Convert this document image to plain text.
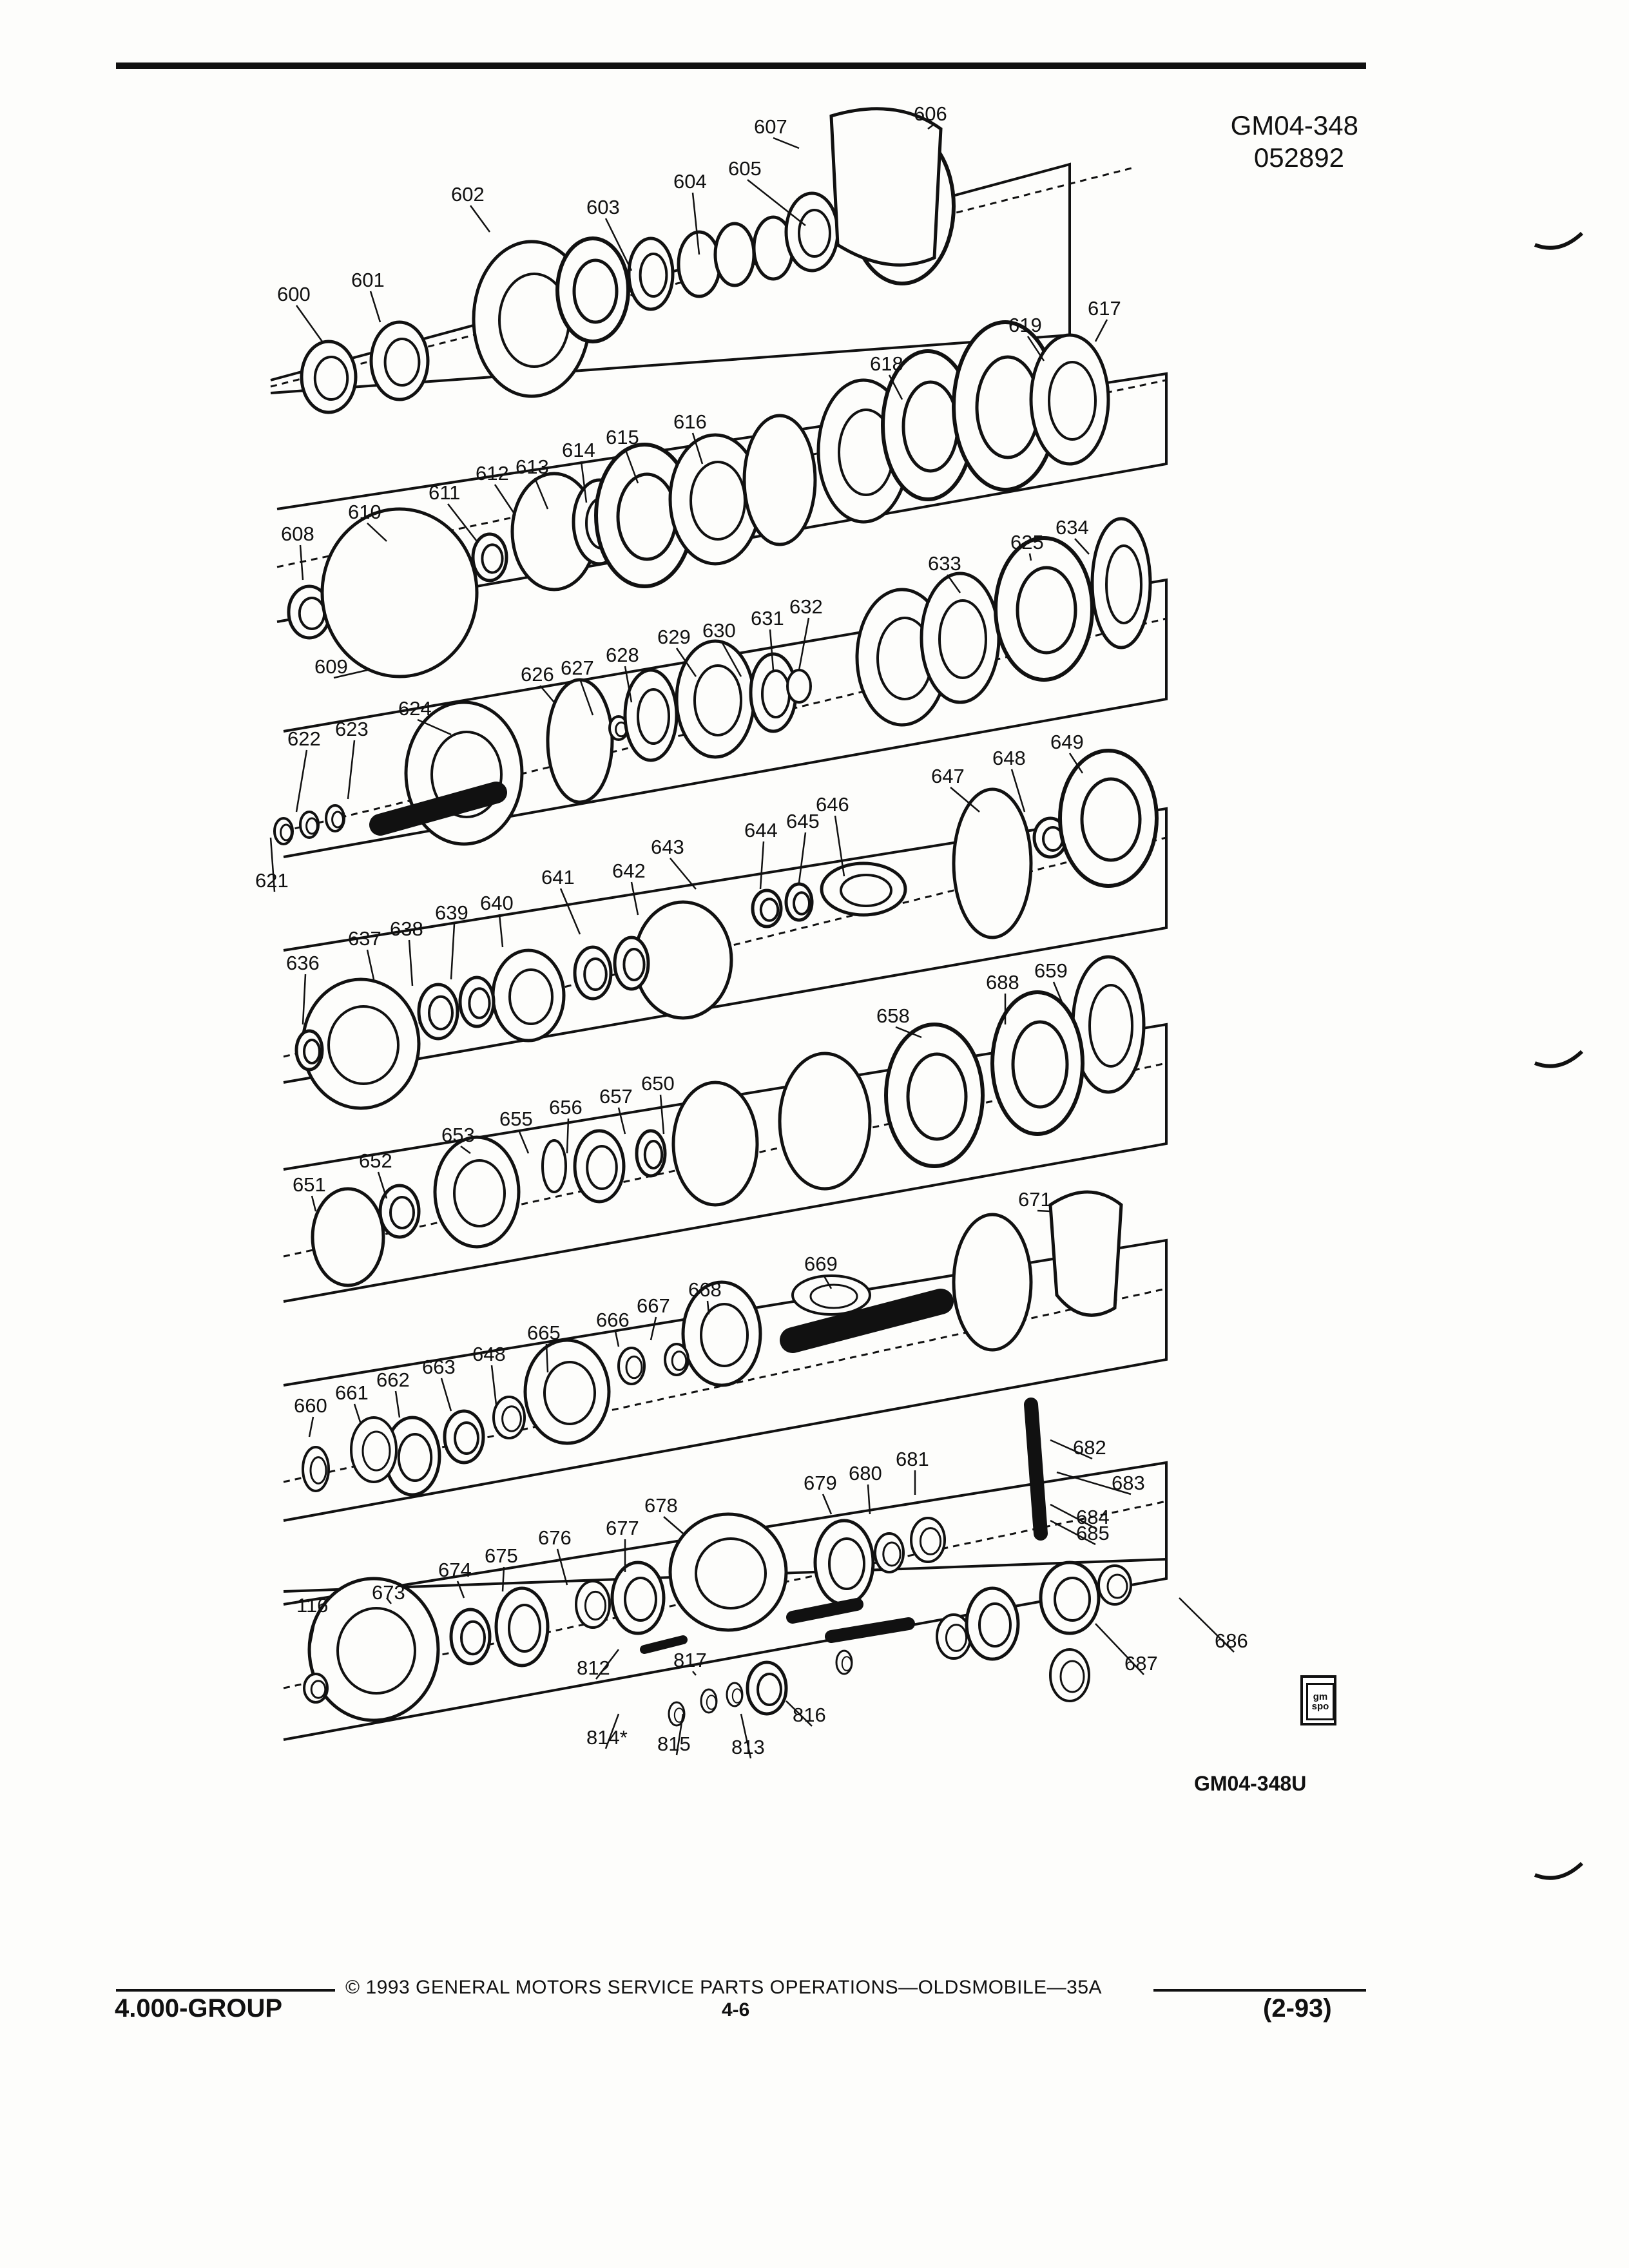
GM04-348
052892
607
606
604
605
602
603
600
601
619
617
618
612 613
614
615
616
610
611
608
609
633
625
634
626 627
628
629 630
631
632
622 623
624
621
649
647
648
644 645
646
643
641 642
637 638
639 640
636
688
659
658
657
650
653
655
656
651
652
671
669
668
666
667
665
663
648
660
661
662
682
683
684
685
679 680
681
678
676 677
673
674
675
116
686
687
812	817
814* 815
816
813
gm
spo
GM04-348U
© 1993 GENERAL MOTORS SERVICE PARTS OPERATIONS—OLDSMOBILE—35A
4.000-GROUP	4-6	(2-93)
